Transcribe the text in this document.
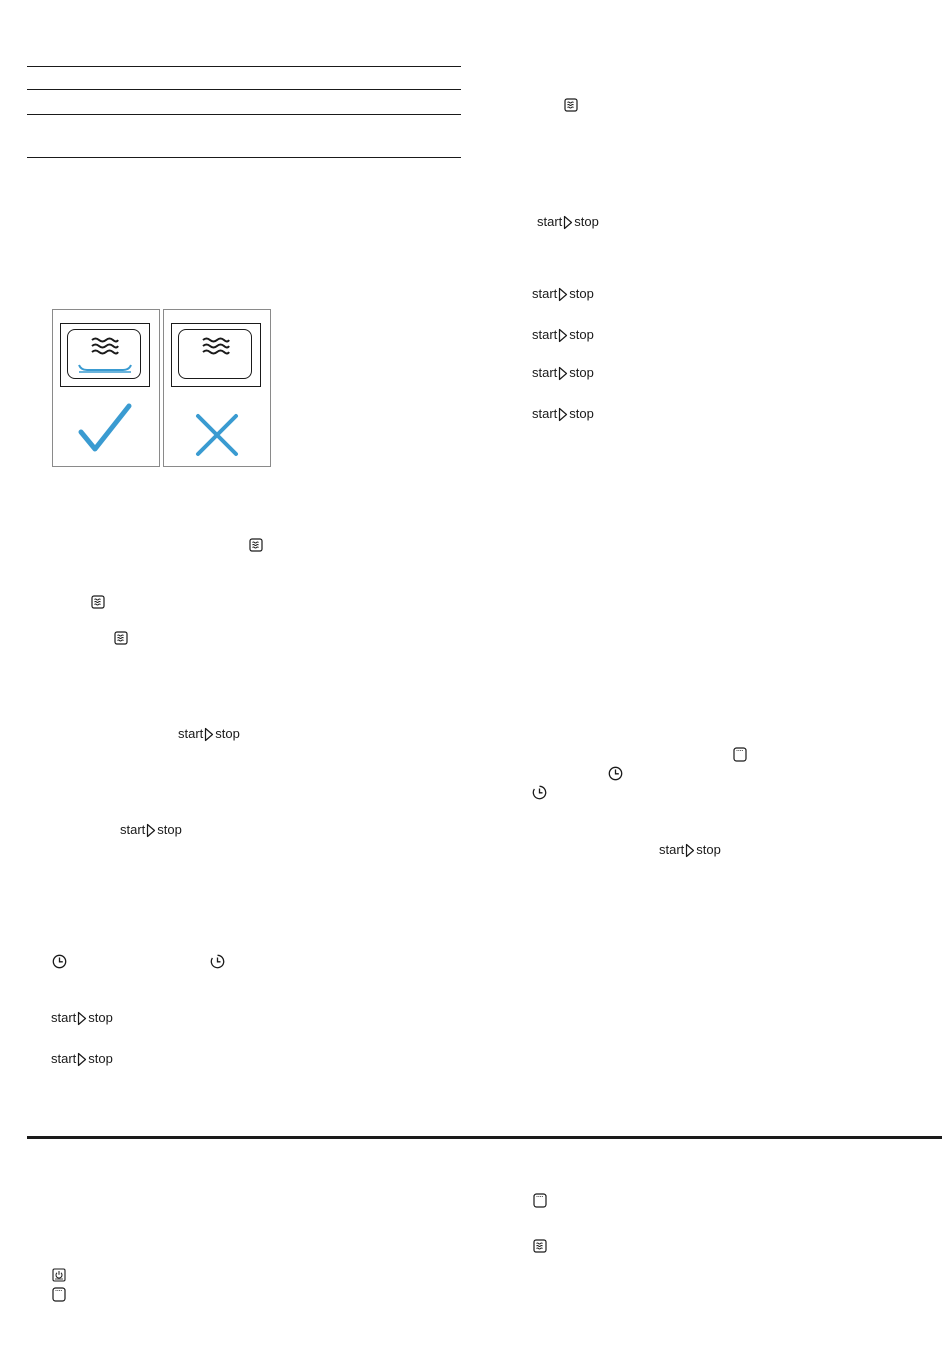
start stop
start stop
start stop
start stop
start stop
start stop
start stop
start stop
start stop
start stop
